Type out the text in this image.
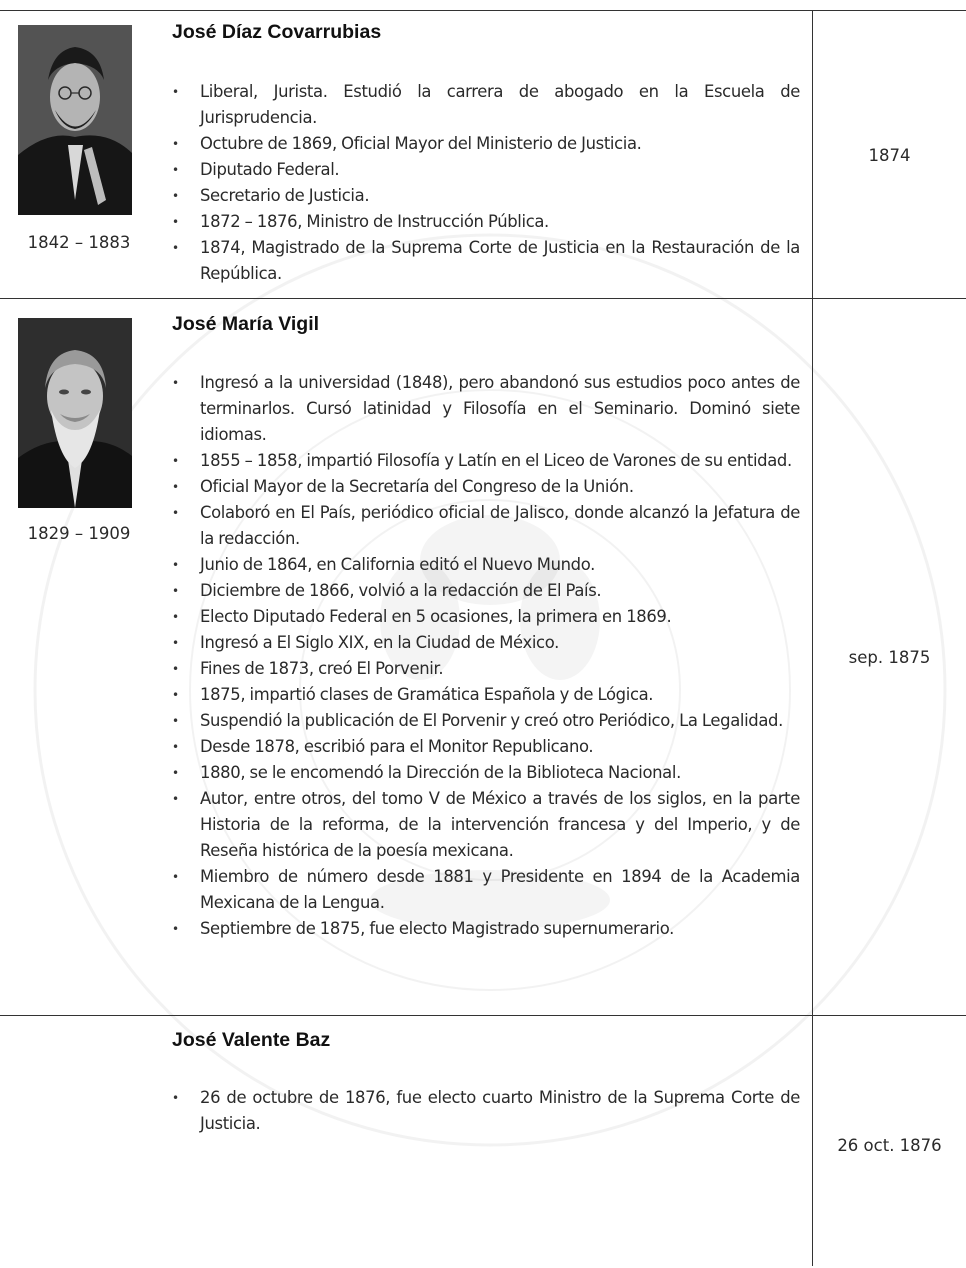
1842 – 1883
José Díaz Covarrubias
• Liberal, Jurista. Estudió la carrera de abogado en la Escuela de Jurisprudencia.
• Octubre de 1869, Oficial Mayor del Ministerio de Justicia.
• Diputado Federal.
• Secretario de Justicia.
• 1872 – 1876, Ministro de Instrucción Pública.
• 1874, Magistrado de la Suprema Corte de Justicia en la Restauración de la República.
1874
1829 – 1909
José María Vigil
• Ingresó a la universidad (1848), pero abandonó sus estudios poco antes de terminarlos. Cursó latinidad y Filosofía en el Seminario. Dominó siete idiomas.
• 1855 – 1858, impartió Filosofía y Latín en el Liceo de Varones de su entidad.
• Oficial Mayor de la Secretaría del Congreso de la Unión.
• Colaboró en El País, periódico oficial de Jalisco, donde alcanzó la Jefatura de la redacción.
• Junio de 1864, en California editó el Nuevo Mundo.
• Diciembre de 1866, volvió a la redacción de El País.
• Electo Diputado Federal en 5 ocasiones, la primera en 1869.
• Ingresó a El Siglo XIX, en la Ciudad de México.
• Fines de 1873, creó El Porvenir.
• 1875, impartió clases de Gramática Española y de Lógica.
• Suspendió la publicación de El Porvenir y creó otro Periódico, La Legalidad.
• Desde 1878, escribió para el Monitor Republicano.
• 1880, se le encomendó la Dirección de la Biblioteca Nacional.
• Autor, entre otros, del tomo V de México a través de los siglos, en la parte Historia de la reforma, de la intervención francesa y del Imperio, y de Reseña histórica de la poesía mexicana.
• Miembro de número desde 1881 y Presidente en 1894 de la Academia Mexicana de la Lengua.
• Septiembre de 1875, fue electo Magistrado supernumerario.
sep. 1875
José Valente Baz
• 26 de octubre de 1876, fue electo cuarto Ministro de la Suprema Corte de Justicia.
26 oct. 1876
